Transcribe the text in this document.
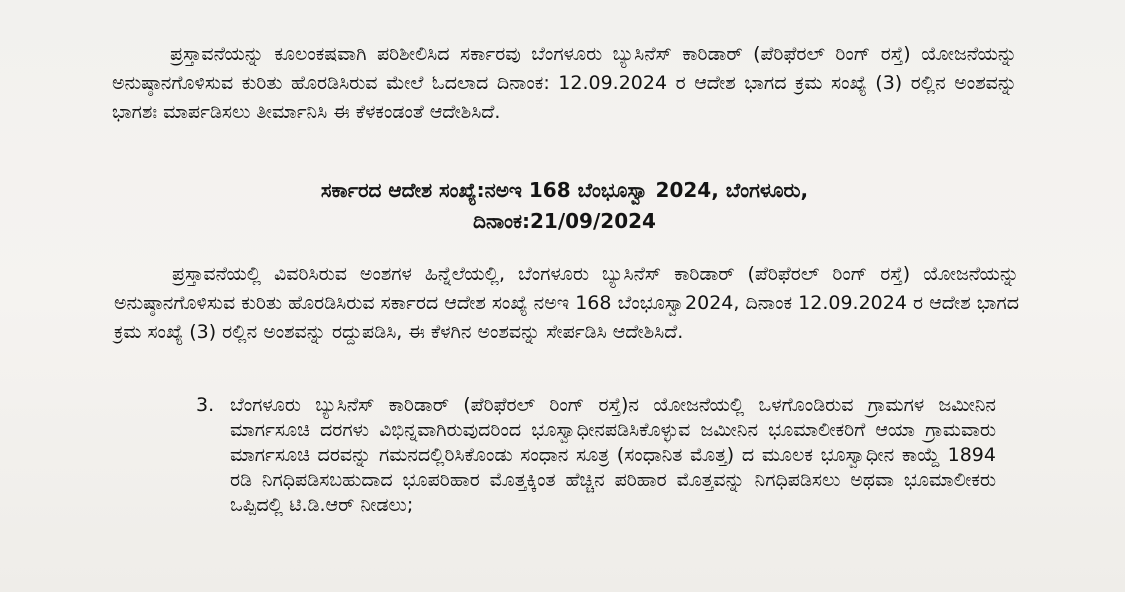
ಪ್ರಸ್ತಾವನೆಯನ್ನು ಕೂಲಂಕಷವಾಗಿ ಪರಿಶೀಲಿಸಿದ ಸರ್ಕಾರವು ಬೆಂಗಳೂರು ಬ್ಯುಸಿನೆಸ್ ಕಾರಿಡಾರ್ (ಪೆರಿಫೆರಲ್ ರಿಂಗ್ ರಸ್ತೆ) ಯೋಜನೆಯನ್ನು ಅನುಷ್ಠಾನಗೊಳಿಸುವ ಕುರಿತು ಹೊರಡಿಸಿರುವ ಮೇಲೆ ಓದಲಾದ ದಿನಾಂಕ: 12.09.2024 ರ ಆದೇಶ ಭಾಗದ ಕ್ರಮ ಸಂಖ್ಯೆ (3) ರಲ್ಲಿನ ಅಂಶವನ್ನು ಭಾಗಶಃ ಮಾರ್ಪಡಿಸಲು ತೀರ್ಮಾನಿಸಿ ಈ ಕೆಳಕಂಡಂತೆ ಆದೇಶಿಸಿದೆ.

ಸರ್ಕಾರದ ಆದೇಶ ಸಂಖ್ಯೆ:ನಅಇ 168 ಬೆಂಭೂಸ್ವಾ 2024, ಬೆಂಗಳೂರು,
ದಿನಾಂಕ:21/09/2024

ಪ್ರಸ್ತಾವನೆಯಲ್ಲಿ ವಿವರಿಸಿರುವ ಅಂಶಗಳ ಹಿನ್ನೆಲೆಯಲ್ಲಿ, ಬೆಂಗಳೂರು ಬ್ಯುಸಿನೆಸ್ ಕಾರಿಡಾರ್ (ಪೆರಿಫೆರಲ್ ರಿಂಗ್ ರಸ್ತೆ) ಯೋಜನೆಯನ್ನು ಅನುಷ್ಠಾನಗೊಳಿಸುವ ಕುರಿತು ಹೊರಡಿಸಿರುವ ಸರ್ಕಾರದ ಆದೇಶ ಸಂಖ್ಯೆ ನಅಇ 168 ಬೆಂಭೂಸ್ವಾ2024, ದಿನಾಂಕ 12.09.2024 ರ ಆದೇಶ ಭಾಗದ ಕ್ರಮ ಸಂಖ್ಯೆ (3) ರಲ್ಲಿನ ಅಂಶವನ್ನು ರದ್ದುಪಡಿಸಿ, ಈ ಕೆಳಗಿನ ಅಂಶವನ್ನು ಸೇರ್ಪಡಿಸಿ ಆದೇಶಿಸಿದೆ.

3. ಬೆಂಗಳೂರು ಬ್ಯುಸಿನೆಸ್ ಕಾರಿಡಾರ್ (ಪೆರಿಫೆರಲ್ ರಿಂಗ್ ರಸ್ತೆ)ನ ಯೋಜನೆಯಲ್ಲಿ ಒಳಗೊಂಡಿರುವ ಗ್ರಾಮಗಳ ಜಮೀನಿನ ಮಾರ್ಗಸೂಚಿ ದರಗಳು ವಿಭಿನ್ನವಾಗಿರುವುದರಿಂದ ಭೂಸ್ವಾಧೀನಪಡಿಸಿಕೊಳ್ಳುವ ಜಮೀನಿನ ಭೂಮಾಲೀಕರಿಗೆ ಆಯಾ ಗ್ರಾಮವಾರು ಮಾರ್ಗಸೂಚಿ ದರವನ್ನು ಗಮನದಲ್ಲಿರಿಸಿಕೊಂಡು ಸಂಧಾನ ಸೂತ್ರ (ಸಂಧಾನಿತ ಮೊತ್ತ) ದ ಮೂಲಕ ಭೂಸ್ವಾಧೀನ ಕಾಯ್ದೆ 1894 ರಡಿ ನಿಗಧಿಪಡಿಸಬಹುದಾದ ಭೂಪರಿಹಾರ ಮೊತ್ತಕ್ಕಿಂತ ಹೆಚ್ಚಿನ ಪರಿಹಾರ ಮೊತ್ತವನ್ನು ನಿಗಧಿಪಡಿಸಲು ಅಥವಾ ಭೂಮಾಲೀಕರು ಒಪ್ಪಿದಲ್ಲಿ ಟಿ.ಡಿ.ಆರ್ ನೀಡಲು;
